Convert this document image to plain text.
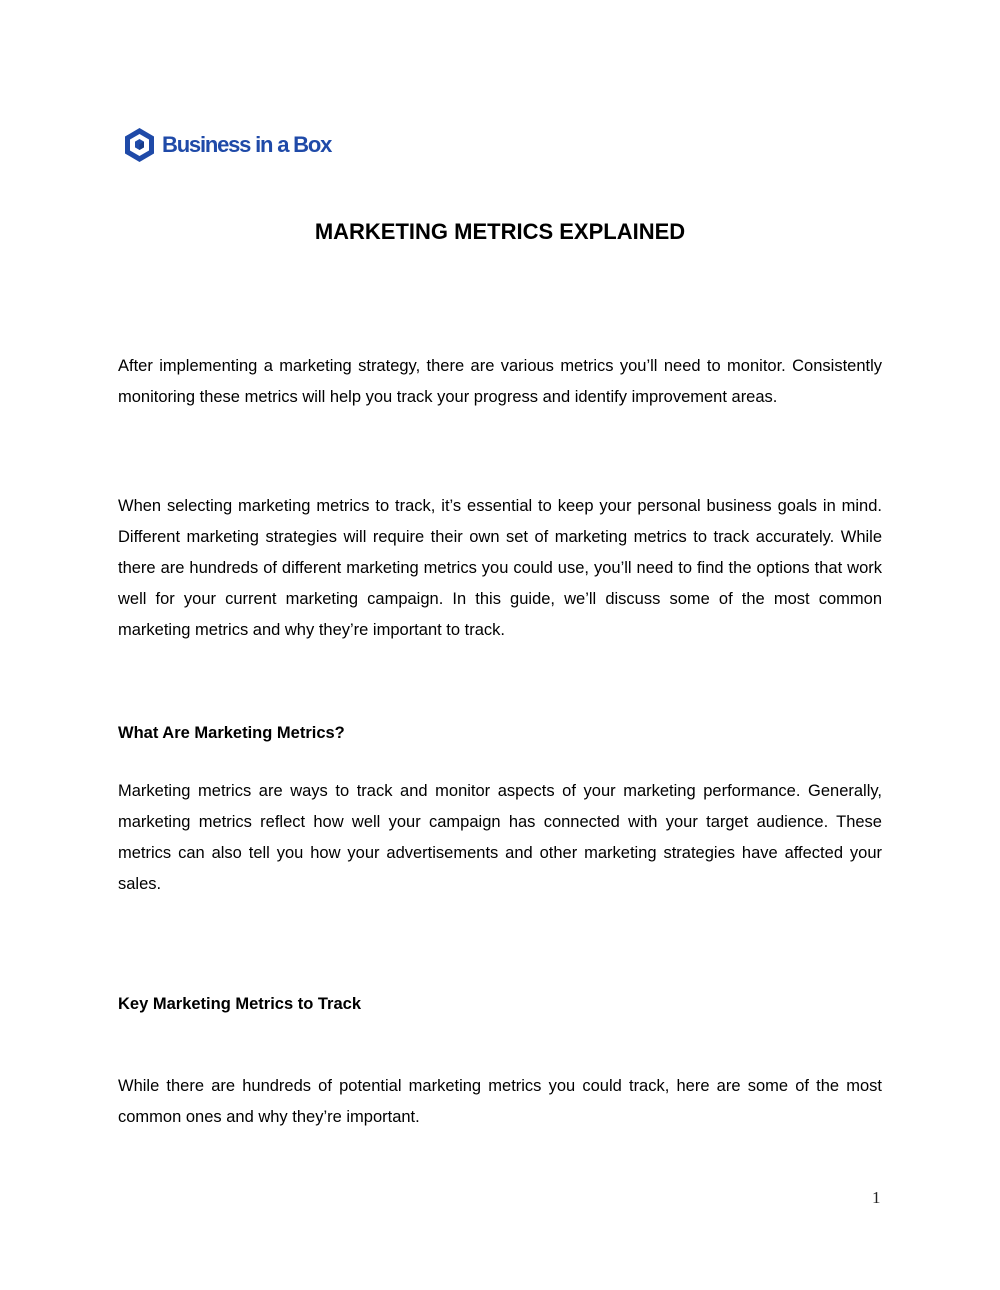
Business in a Box
MARKETING METRICS EXPLAINED

After implementing a marketing strategy, there are various metrics you’ll need to monitor. Consistently monitoring these metrics will help you track your progress and identify improvement areas.

When selecting marketing metrics to track, it’s essential to keep your personal business goals in mind. Different marketing strategies will require their own set of marketing metrics to track accurately. While there are hundreds of different marketing metrics you could use, you’ll need to find the options that work well for your current marketing campaign. In this guide, we’ll discuss some of the most common marketing metrics and why they’re important to track.

What Are Marketing Metrics?

Marketing metrics are ways to track and monitor aspects of your marketing performance. Generally, marketing metrics reflect how well your campaign has connected with your target audience. These metrics can also tell you how your advertisements and other marketing strategies have affected your sales.

Key Marketing Metrics to Track

While there are hundreds of potential marketing metrics you could track, here are some of the most common ones and why they’re important.

1
